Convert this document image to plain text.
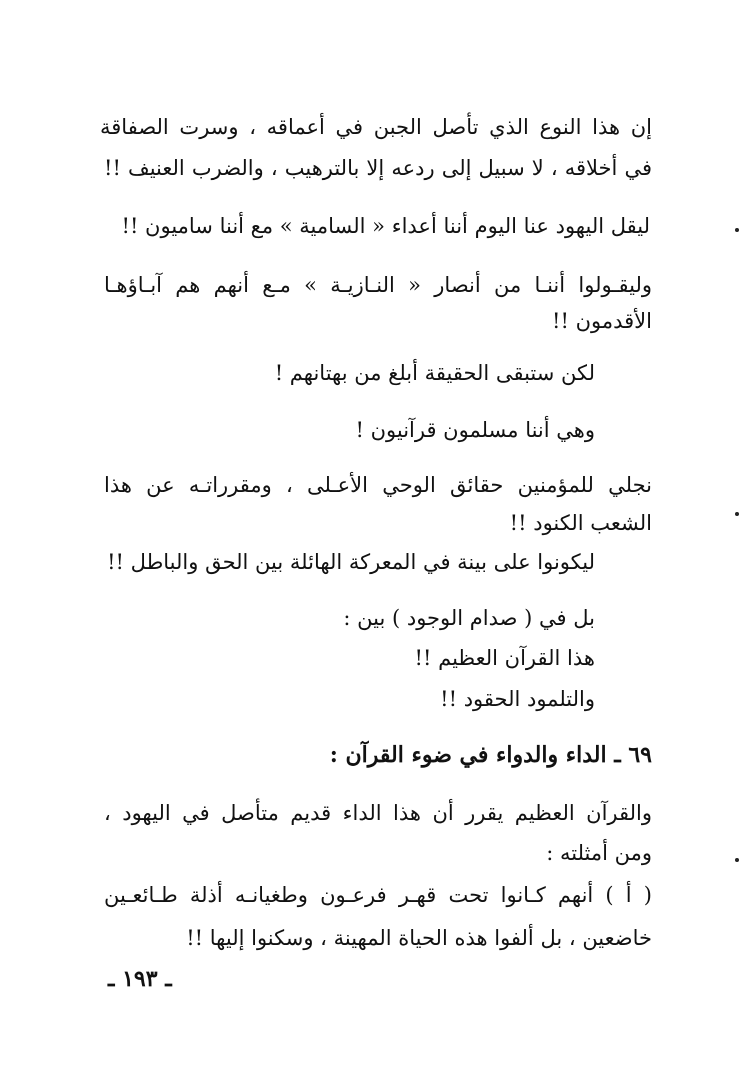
إن هذا النوع الذي تأصل الجبن في أعماقه ، وسرت الصفاقة
في أخلاقه ، لا سبيل إلى ردعه إلا بالترهيب ، والضرب العنيف !!
ليقل اليهود عنا اليوم أننا أعداء « السامية » مع أننا ساميون !!
وليقـولوا أننـا من أنصار « النـازيـة » مـع أنهم هم آبـاؤهـا
الأقدمون !!
لكن ستبقى الحقيقة أبلغ من بهتانهم !
وهي أننا مسلمون قرآنيون !
نجلي للمؤمنين حقائق الوحي الأعـلى ، ومقرراتـه عن هذا
الشعب الكنود !!
ليكونوا على بينة في المعركة الهائلة بين الحق والباطل !!
بل في ( صدام الوجود ) بين :
هذا القرآن العظيم !!
والتلمود الحقود !!
٦٩ ـ الداء والدواء في ضوء القرآن :
والقرآن العظيم يقرر أن هذا الداء قديم متأصل في اليهود ،
ومن أمثلته :
( أ ) أنهم كـانوا تحت قهـر فرعـون وطغيانـه أذلة طـائعـين
خاضعين ، بل ألفوا هذه الحياة المهينة ، وسكنوا إليها !!
ـ ١٩٣ ـ
